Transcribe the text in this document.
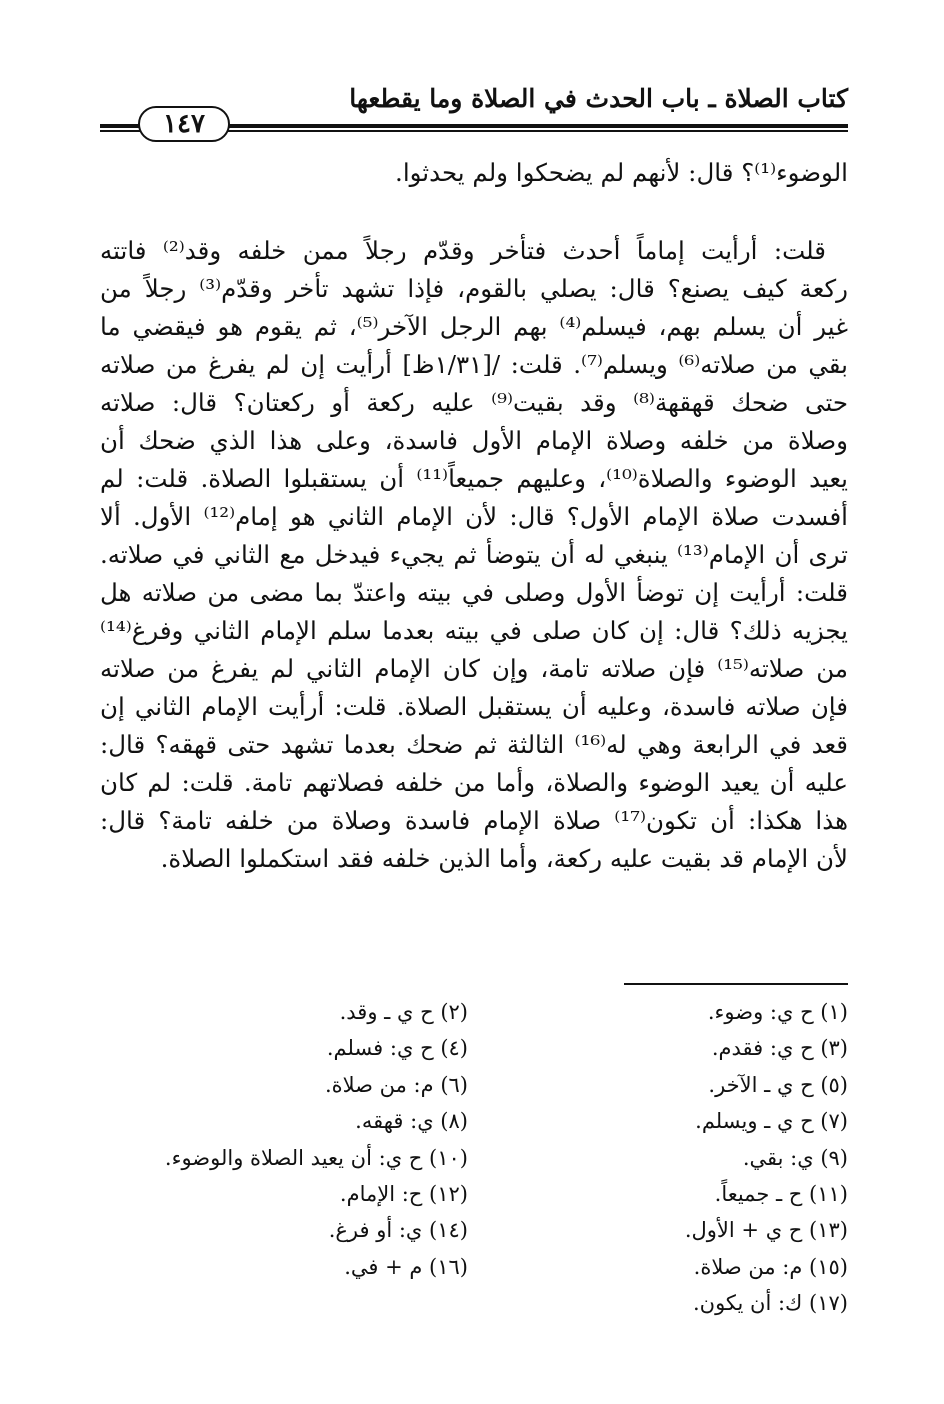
كتاب الصلاة ـ باب الحدث في الصلاة وما يقطعها
١٤٧
الوضوء⁽¹⁾؟ قال: لأنهم لم يضحكوا ولم يحدثوا.
قلت: أرأيت إماماً أحدث فتأخر وقدّم رجلاً ممن خلفه وقد⁽²⁾ فاتته
ركعة كيف يصنع؟ قال: يصلي بالقوم، فإذا تشهد تأخر وقدّم⁽³⁾ رجلاً من
غير أن يسلم بهم، فيسلم⁽⁴⁾ بهم الرجل الآخر⁽⁵⁾، ثم يقوم هو فيقضي ما
بقي من صلاته⁽⁶⁾ ويسلم⁽⁷⁾. قلت: /[١/٣١ظ] أرأيت إن لم يفرغ من صلاته
حتى ضحك قهقهة⁽⁸⁾ وقد بقيت⁽⁹⁾ عليه ركعة أو ركعتان؟ قال: صلاته
وصلاة من خلفه وصلاة الإمام الأول فاسدة، وعلى هذا الذي ضحك أن
يعيد الوضوء والصلاة⁽¹⁰⁾، وعليهم جميعاً⁽¹¹⁾ أن يستقبلوا الصلاة. قلت: لم
أفسدت صلاة الإمام الأول؟ قال: لأن الإمام الثاني هو إمام⁽¹²⁾ الأول. ألا
ترى أن الإمام⁽¹³⁾ ينبغي له أن يتوضأ ثم يجيء فيدخل مع الثاني في صلاته.
قلت: أرأيت إن توضأ الأول وصلى في بيته واعتدّ بما مضى من صلاته هل
يجزيه ذلك؟ قال: إن كان صلى في بيته بعدما سلم الإمام الثاني وفرغ⁽¹⁴⁾
من صلاته⁽¹⁵⁾ فإن صلاته تامة، وإن كان الإمام الثاني لم يفرغ من صلاته
فإن صلاته فاسدة، وعليه أن يستقبل الصلاة. قلت: أرأيت الإمام الثاني إن
قعد في الرابعة وهي له⁽¹⁶⁾ الثالثة ثم ضحك بعدما تشهد حتى قهقه؟ قال:
عليه أن يعيد الوضوء والصلاة، وأما من خلفه فصلاتهم تامة. قلت: لم كان
هذا هكذا: أن تكون⁽¹⁷⁾ صلاة الإمام فاسدة وصلاة من خلفه تامة؟ قال:
لأن الإمام قد بقيت عليه ركعة، وأما الذين خلفه فقد استكملوا الصلاة.
(١) ح ي: وضوء.
(٣) ح ي: فقدم.
(٥) ح ي ـ الآخر.
(٧) ح ي ـ ويسلم.
(٩) ي: بقي.
(١١) ح ـ جميعاً.
(١٣) ح ي + الأول.
(١٥) م: من صلاة.
(١٧) ك: أن يكون.
(٢) ح ي ـ وقد.
(٤) ح ي: فسلم.
(٦) م: من صلاة.
(٨) ي: قهقه.
(١٠) ح ي: أن يعيد الصلاة والوضوء.
(١٢) ح: الإمام.
(١٤) ي: أو فرغ.
(١٦) م + في.
